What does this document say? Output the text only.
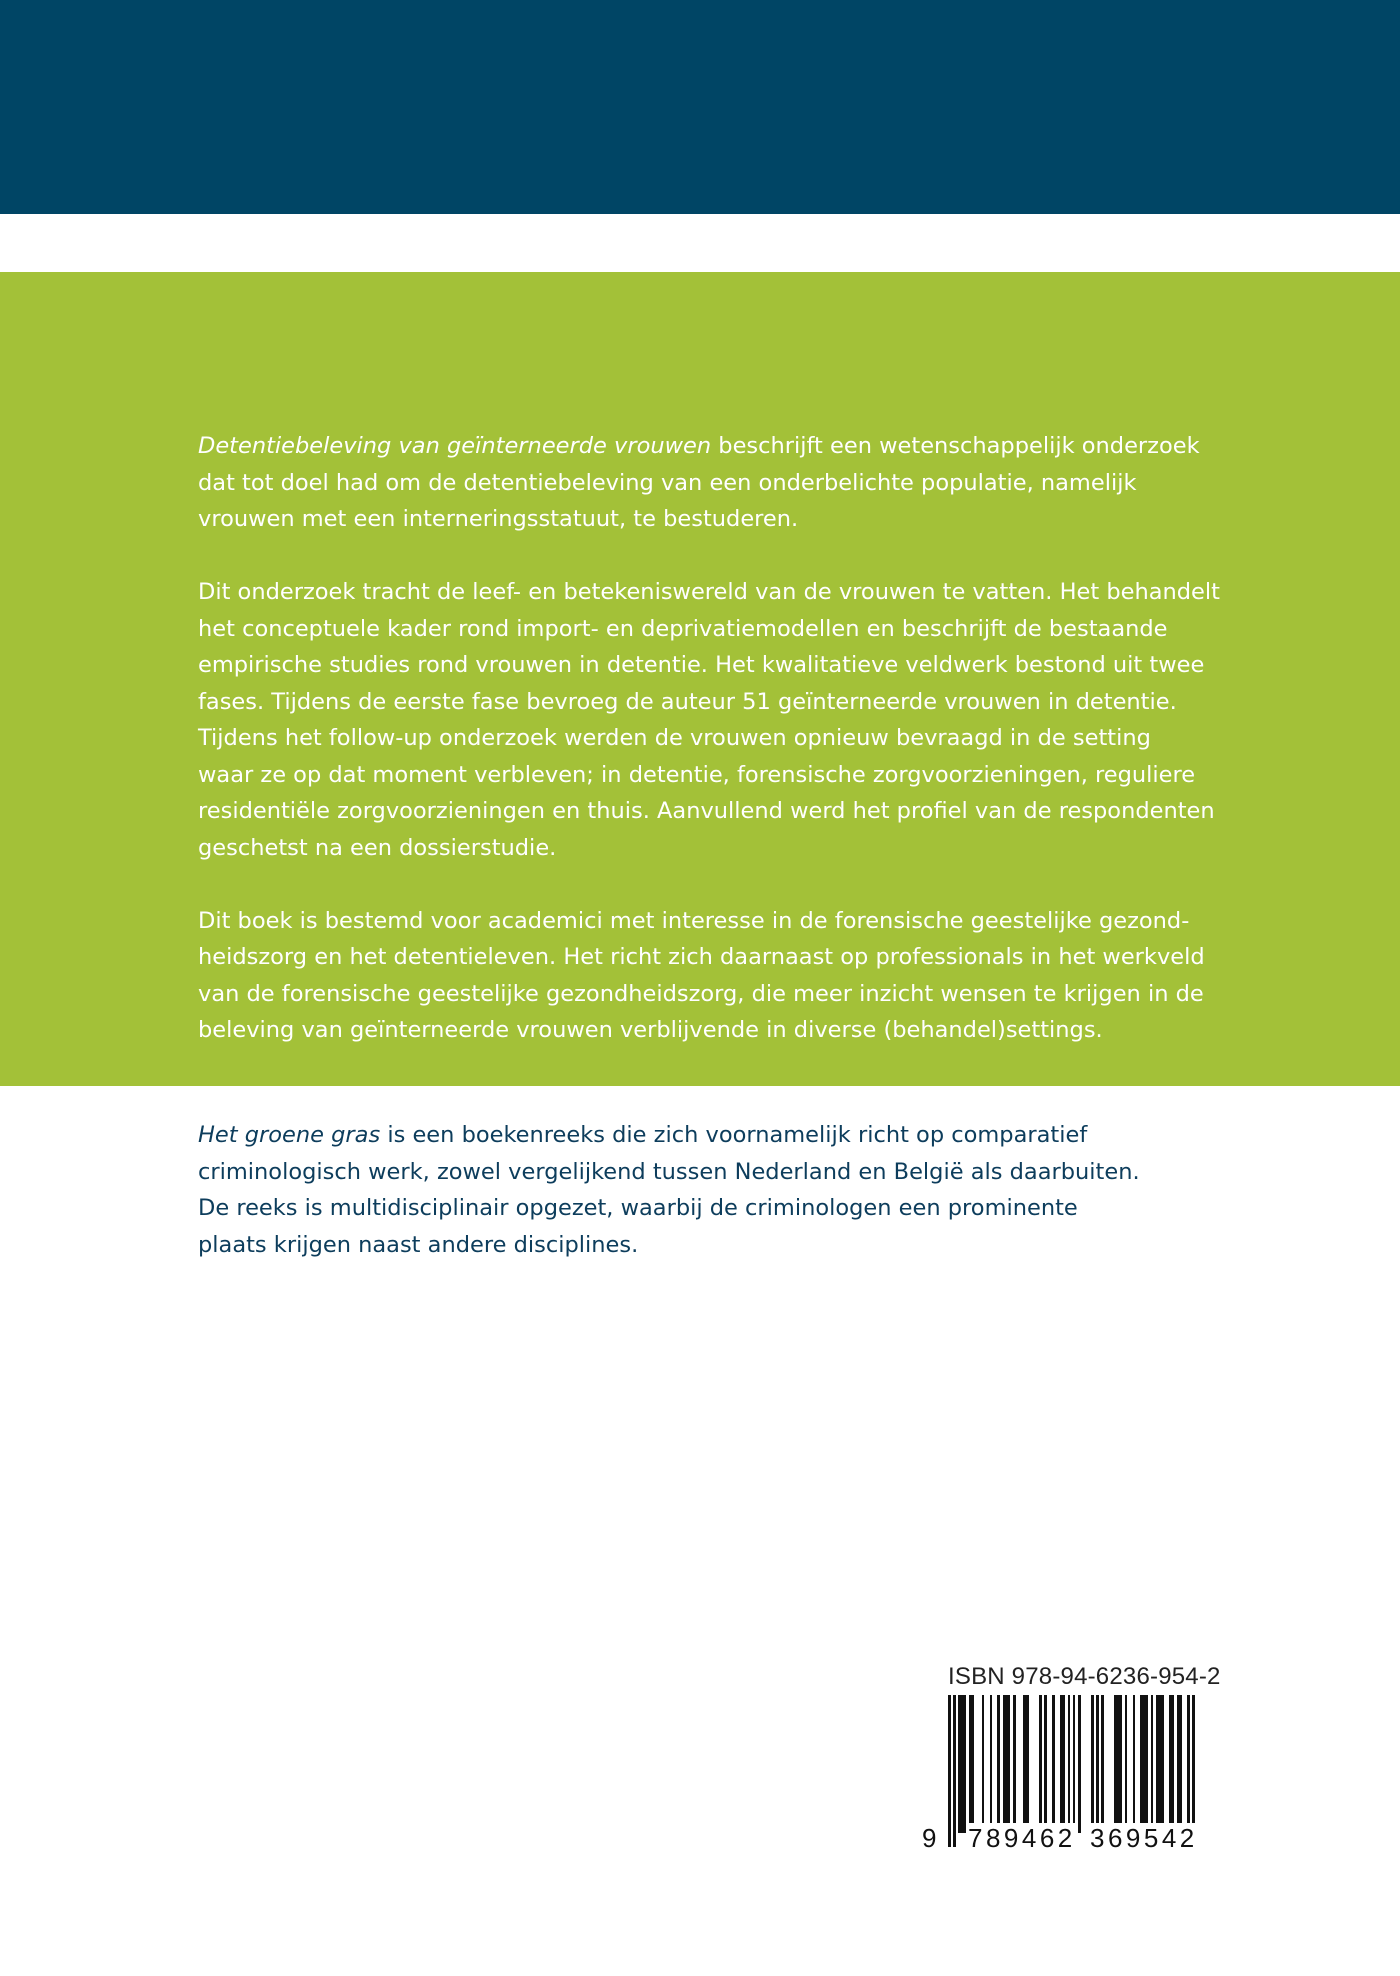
Detentiebeleving van geïnterneerde vrouwen beschrijft een wetenschappelijk onderzoek
dat tot doel had om de detentiebeleving van een onderbelichte populatie, namelijk
vrouwen met een interneringsstatuut, te bestuderen.
Dit onderzoek tracht de leef- en betekeniswereld van de vrouwen te vatten. Het behandelt
het conceptuele kader rond import- en deprivatiemodellen en beschrijft de bestaande
empirische studies rond vrouwen in detentie. Het kwalitatieve veldwerk bestond uit twee
fases. Tijdens de eerste fase bevroeg de auteur 51 geïnterneerde vrouwen in detentie.
Tijdens het follow-up onderzoek werden de vrouwen opnieuw bevraagd in de setting
waar ze op dat moment verbleven; in detentie, forensische zorgvoorzieningen, reguliere
residentiële zorgvoorzieningen en thuis. Aanvullend werd het profiel van de respondenten
geschetst na een dossierstudie.
Dit boek is bestemd voor academici met interesse in de forensische geestelijke gezond-
heidszorg en het detentieleven. Het richt zich daarnaast op professionals in het werkveld
van de forensische geestelijke gezondheidszorg, die meer inzicht wensen te krijgen in de
beleving van geïnterneerde vrouwen verblijvende in diverse (behandel)settings.
Het groene gras is een boekenreeks die zich voornamelijk richt op comparatief
criminologisch werk, zowel vergelijkend tussen Nederland en België als daarbuiten.
De reeks is multidisciplinair opgezet, waarbij de criminologen een prominente
plaats krijgen naast andere disciplines.
ISBN 978-94-6236-954-2
9 789462 369542
